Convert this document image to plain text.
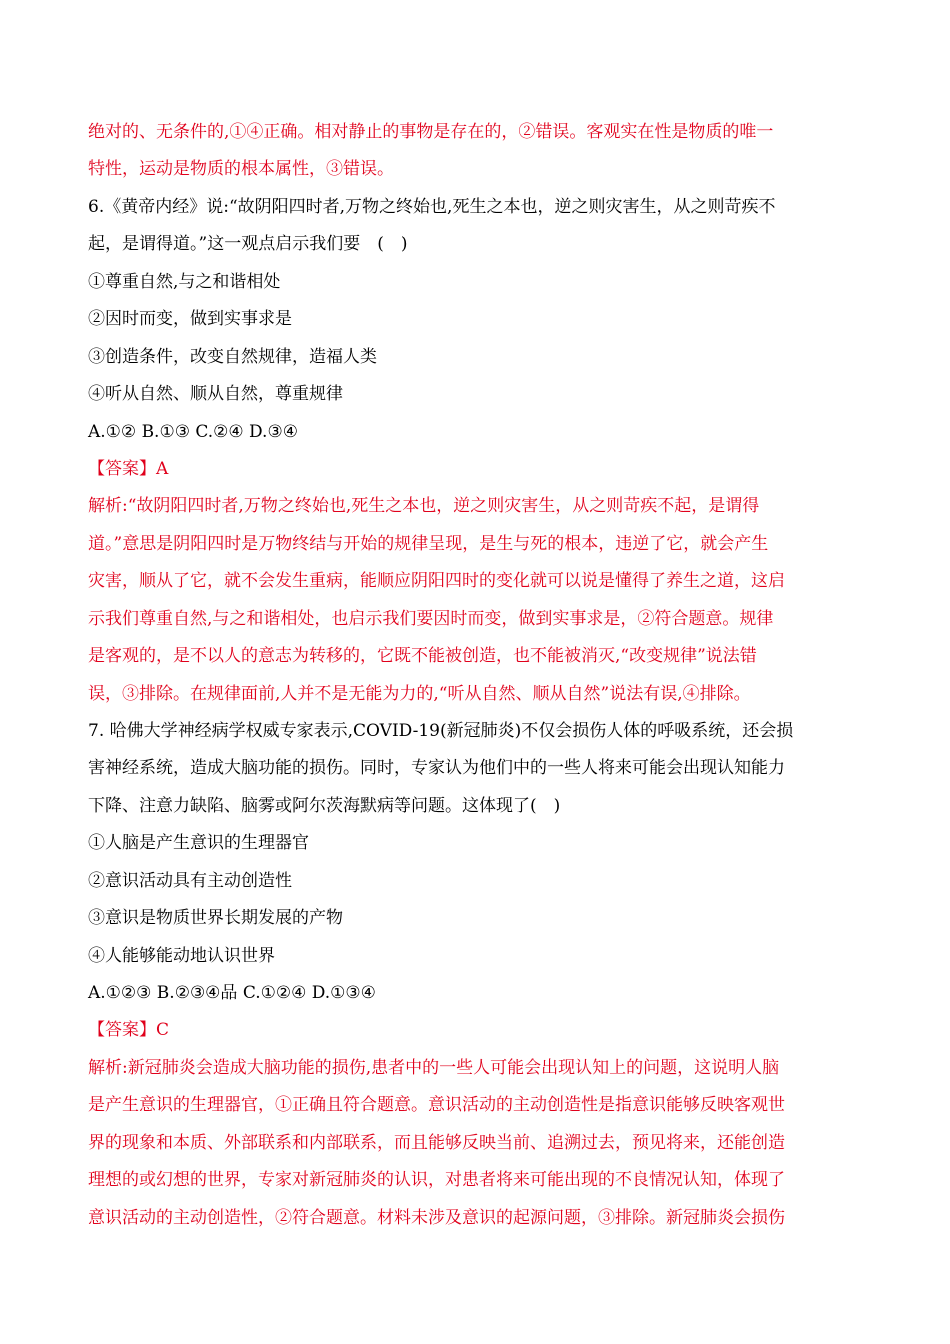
绝对的、无条件的,①④正确。相对静止的事物是存在的，②错误。客观实在性是物质的唯一
特性，运动是物质的根本属性，③错误。
6.《黄帝内经》说:“故阴阳四时者,万物之终始也,死生之本也，逆之则灾害生，从之则苛疾不
起，是谓得道。”这一观点启示我们要　(　)
①尊重自然,与之和谐相处
②因时而变，做到实事求是
③创造条件，改变自然规律，造福人类
④听从自然、顺从自然，尊重规律
A.①② B.①③ C.②④ D.③④
【答案】A
解析:“故阴阳四时者,万物之终始也,死生之本也，逆之则灾害生，从之则苛疾不起，是谓得
道。”意思是阴阳四时是万物终结与开始的规律呈现，是生与死的根本，违逆了它，就会产生
灾害，顺从了它，就不会发生重病，能顺应阴阳四时的变化就可以说是懂得了养生之道，这启
示我们尊重自然,与之和谐相处，也启示我们要因时而变，做到实事求是，②符合题意。规律
是客观的，是不以人的意志为转移的，它既不能被创造，也不能被消灭,“改变规律”说法错
误，③排除。在规律面前,人并不是无能为力的,“听从自然、顺从自然”说法有误,④排除。
7. 哈佛大学神经病学权威专家表示,COVID-19(新冠肺炎)不仅会损伤人体的呼吸系统，还会损
害神经系统，造成大脑功能的损伤。同时，专家认为他们中的一些人将来可能会出现认知能力
下降、注意力缺陷、脑雾或阿尔茨海默病等问题。这体现了(　)
①人脑是产生意识的生理器官
②意识活动具有主动创造性
③意识是物质世界长期发展的产物
④人能够能动地认识世界
A.①②③ B.②③④品 C.①②④ D.①③④
【答案】C
解析:新冠肺炎会造成大脑功能的损伤,患者中的一些人可能会出现认知上的问题，这说明人脑
是产生意识的生理器官，①正确且符合题意。意识活动的主动创造性是指意识能够反映客观世
界的现象和本质、外部联系和内部联系，而且能够反映当前、追溯过去，预见将来，还能创造
理想的或幻想的世界，专家对新冠肺炎的认识，对患者将来可能出现的不良情况认知，体现了
意识活动的主动创造性，②符合题意。材料未涉及意识的起源问题，③排除。新冠肺炎会损伤
